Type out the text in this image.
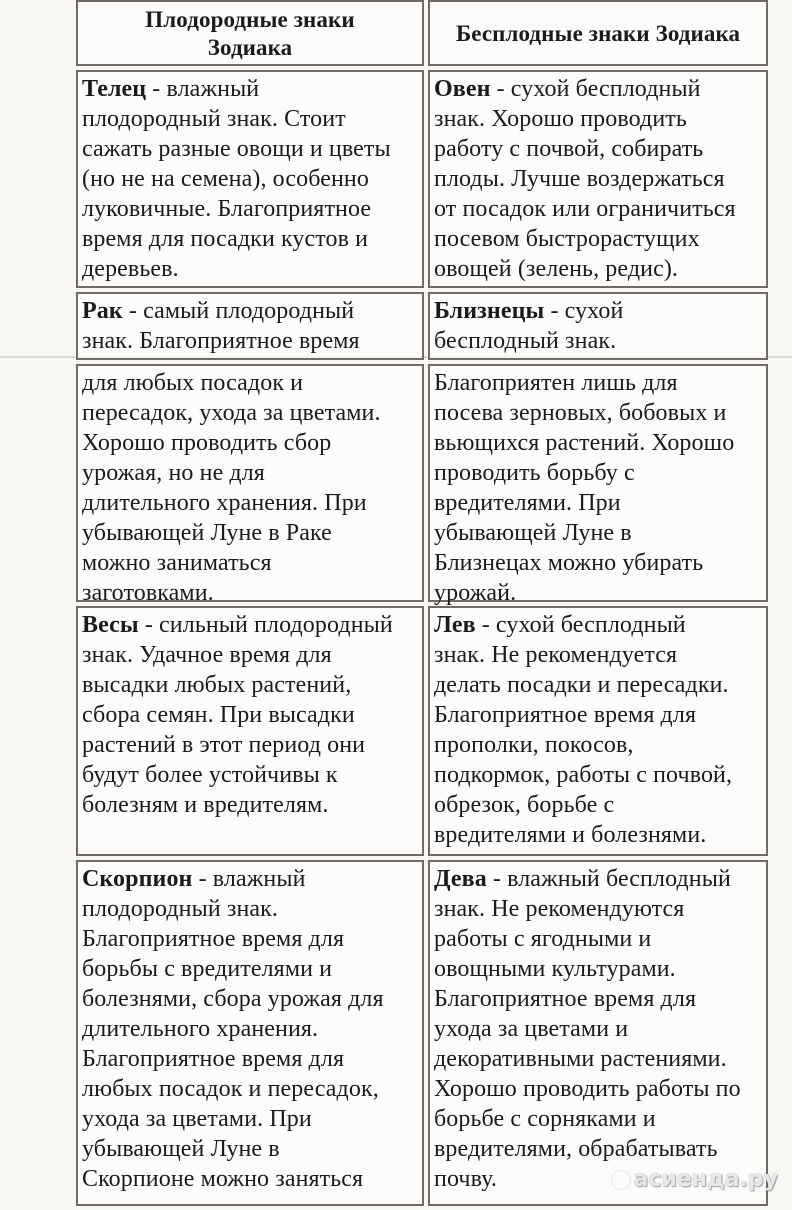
Плодородные знаки
Зодиака
Бесплодные знаки Зодиака
Телец - влажный
плодородный знак. Стоит
сажать разные овощи и цветы
(но не на семена), особенно
луковичные. Благоприятное
время для посадки кустов и
деревьев.
Овен - сухой бесплодный
знак. Хорошо проводить
работу с почвой, собирать
плоды. Лучше воздержаться
от посадок или ограничиться
посевом быстрорастущих
овощей (зелень, редис).
Рак - самый плодородный
знак. Благоприятное время
Близнецы - сухой
бесплодный знак.
для любых посадок и
пересадок, ухода за цветами.
Хорошо проводить сбор
урожая, но не для
длительного хранения. При
убывающей Луне в Раке
можно заниматься
заготовками.
Благоприятен лишь для
посева зерновых, бобовых и
вьющихся растений. Хорошо
проводить борьбу с
вредителями. При
убывающей Луне в
Близнецах можно убирать
урожай.
Весы - сильный плодородный
знак. Удачное время для
высадки любых растений,
сбора семян. При высадки
растений в этот период они
будут более устойчивы к
болезням и вредителям.
Лев - сухой бесплодный
знак. Не рекомендуется
делать посадки и пересадки.
Благоприятное время для
прополки, покосов,
подкормок, работы с почвой,
обрезок, борьбе с
вредителями и болезнями.
Скорпион - влажный
плодородный знак.
Благоприятное время для
борьбы с вредителями и
болезнями, сбора урожая для
длительного хранения.
Благоприятное время для
любых посадок и пересадок,
ухода за цветами. При
убывающей Луне в
Скорпионе можно заняться
Дева - влажный бесплодный
знак. Не рекомендуются
работы с ягодными и
овощными культурами.
Благоприятное время для
ухода за цветами и
декоративными растениями.
Хорошо проводить работы по
борьбе с сорняками и
вредителями, обрабатывать
почву.	асиенда.ру
